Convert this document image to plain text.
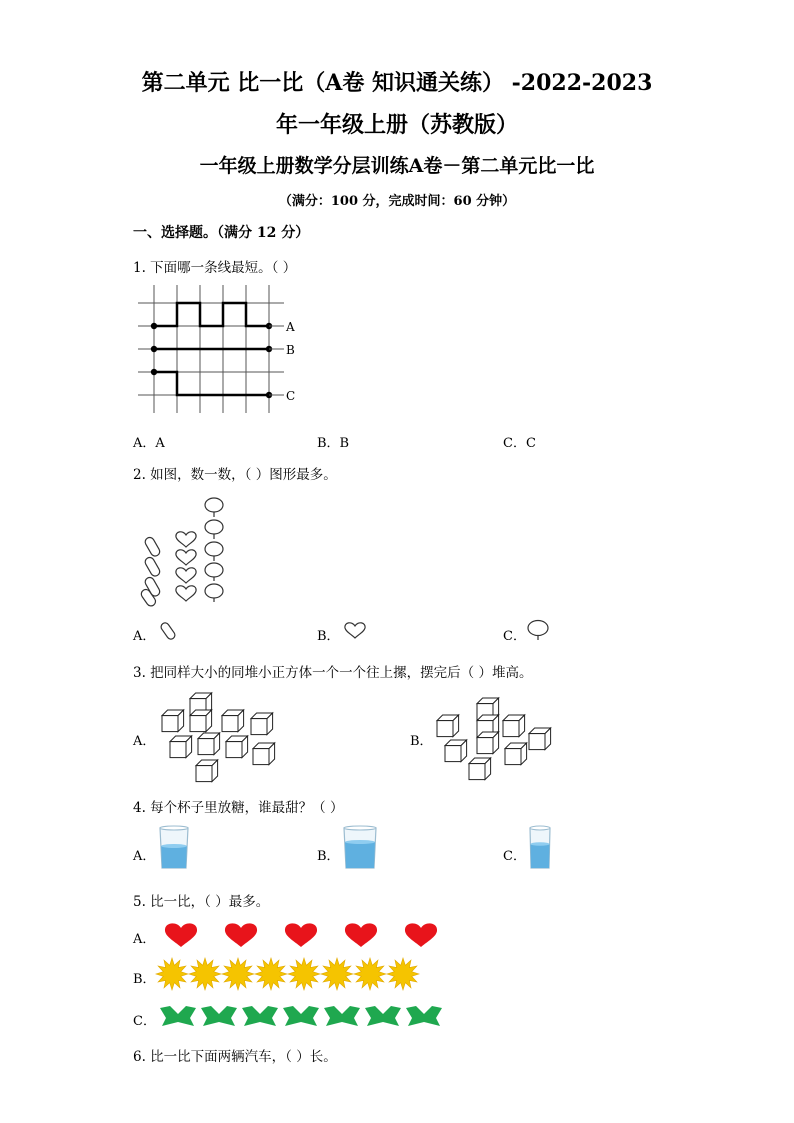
第二单元 比一比（A卷 知识通关练） -2022-2023
年一年级上册（苏教版）
一年级上册数学分层训练A卷－第二单元比一比
（满分：100 分，完成时间：60 分钟）
一、选择题。（满分 12 分）
1. 下面哪一条线最短。（ ）
A
B
C
A．A	B．B	C．C
2. 如图，数一数，（ ）图形最多。
A．	B．	C．
3. 把同样大小的同堆小正方体一个一个往上摞，摆完后（ ）堆高。
A．	B．
4. 每个杯子里放糖，谁最甜？（ ）
A．	B．	C．
5. 比一比，（ ）最多。
A．
B．
C．
6. 比一比下面两辆汽车，（ ）长。
